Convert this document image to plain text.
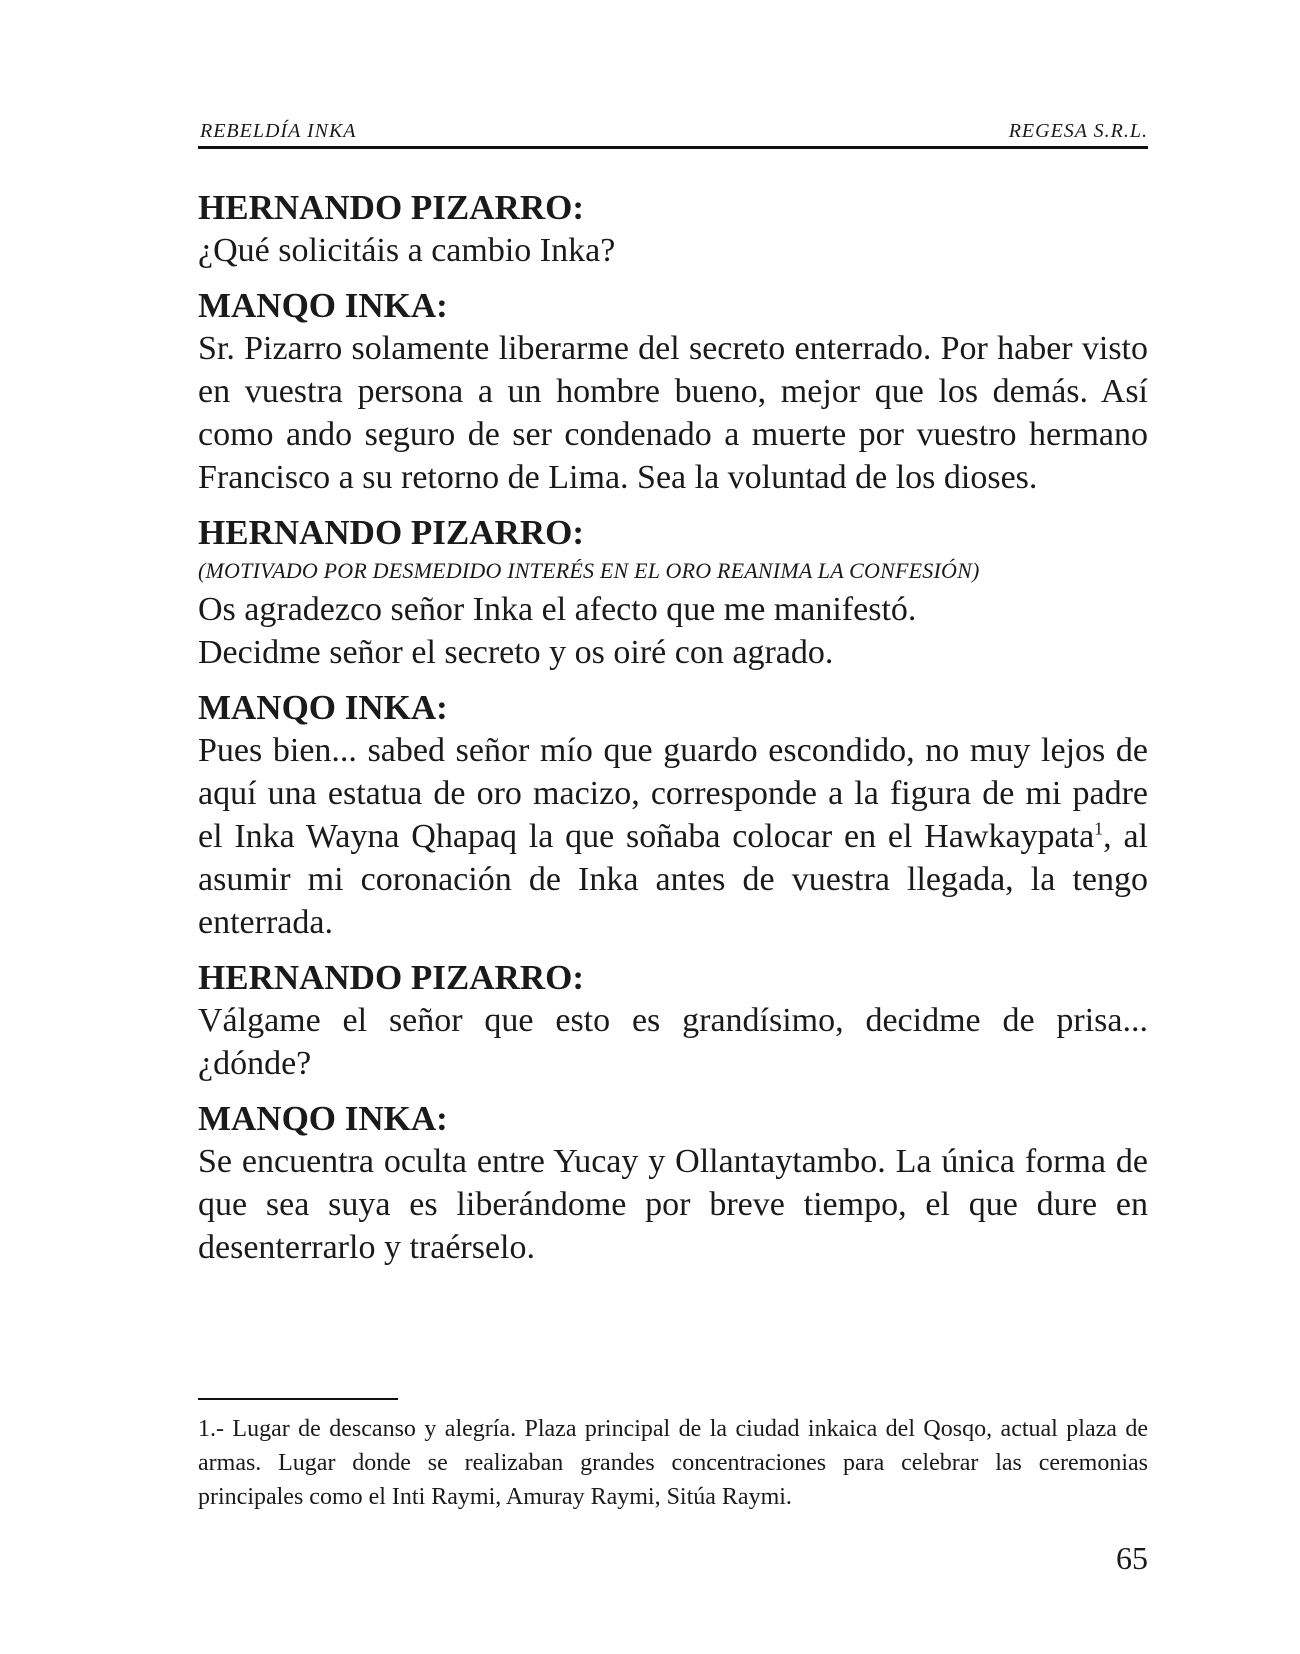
REBELDÍA INKA	REGESA S.R.L.

HERNANDO PIZARRO:

¿Qué solicitáis a cambio Inka?

MANQO INKA:

Sr. Pizarro solamente liberarme del secreto enterrado. Por haber visto en vuestra persona a un hombre bueno, mejor que los demás. Así como ando seguro de ser condenado a muerte por vuestro hermano Francisco a su retorno de Lima. Sea la voluntad de los dioses.

HERNANDO PIZARRO:

(MOTIVADO POR DESMEDIDO INTERÉS EN EL ORO REANIMA LA CONFESIÓN)

Os agradezco señor Inka el afecto que me manifestó.
Decidme señor el secreto y os oiré con agrado.

MANQO INKA:

Pues bien... sabed señor mío que guardo escondido, no muy lejos de aquí una estatua de oro macizo, corresponde a la figura de mi padre el Inka Wayna Qhapaq la que soñaba colocar en el Hawkaypata$^1$, al asumir mi coronación de Inka antes de vuestra llegada, la tengo enterrada.

HERNANDO PIZARRO:

Válgame el señor que esto es grandísimo, decidme de prisa... ¿dónde?

MANQO INKA:

Se encuentra oculta entre Yucay y Ollantaytambo. La única forma de que sea suya es liberándome por breve tiempo, el que dure en desenterrarlo y traérselo.

1.- Lugar de descanso y alegría. Plaza principal de la ciudad inkaica del Qosqo, actual plaza de armas. Lugar donde se realizaban grandes concentraciones para celebrar las ceremonias principales como el Inti Raymi, Amuray Raymi, Sitúa Raymi.

65
